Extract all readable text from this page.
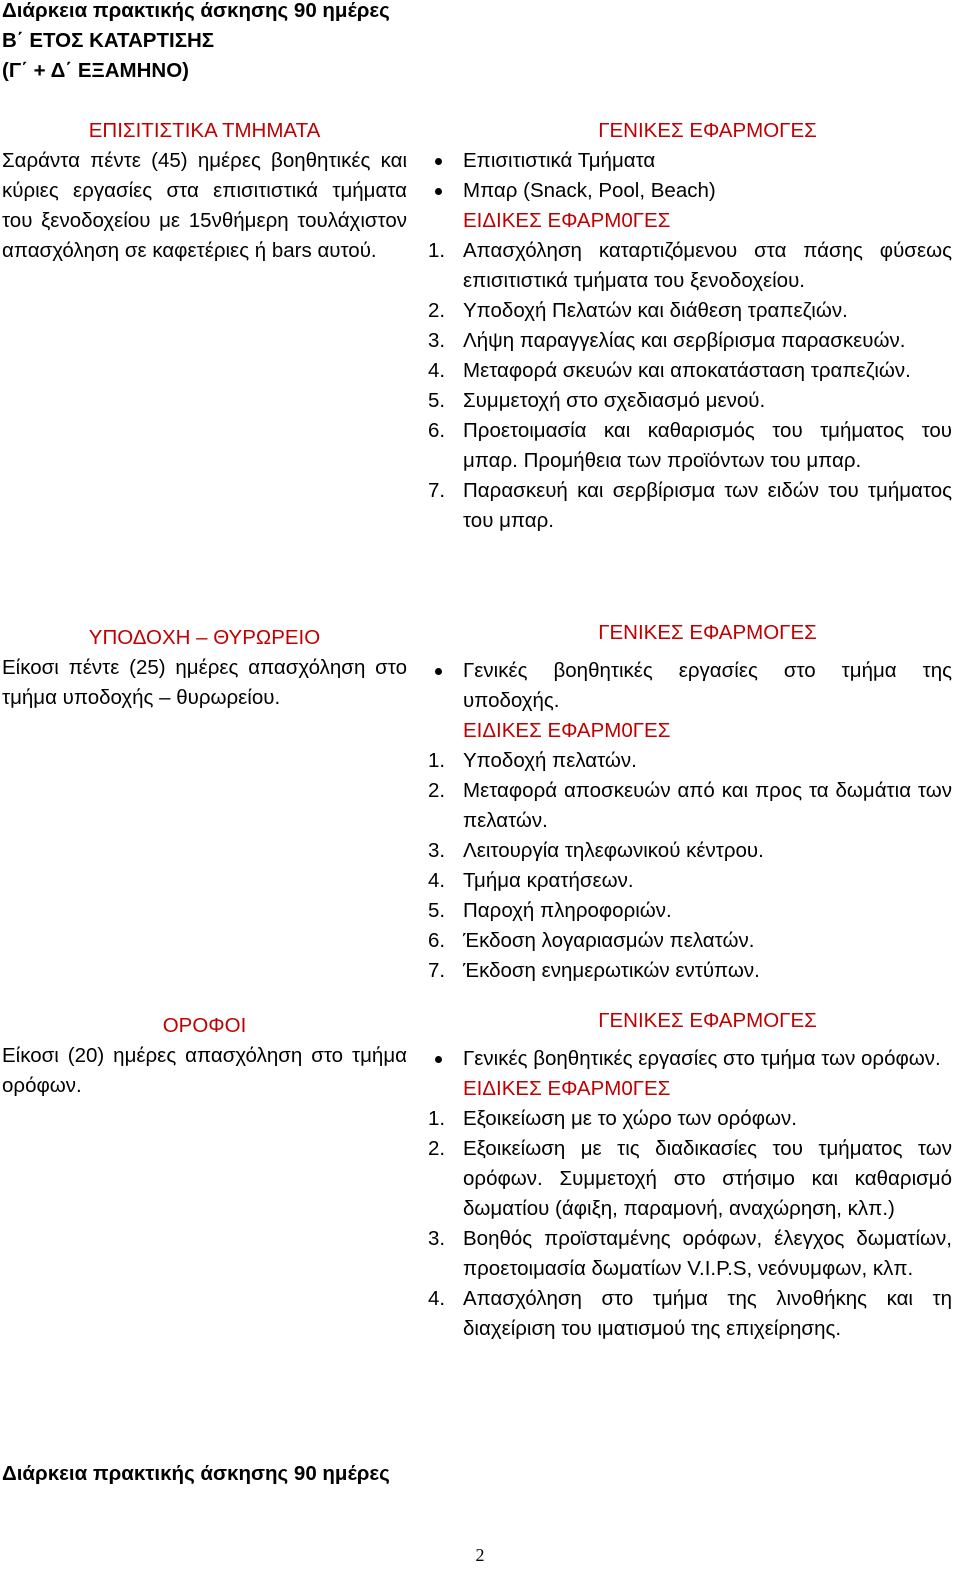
Διάρκεια πρακτικής άσκησης 90 ημέρες
Β΄ ΕΤΟΣ ΚΑΤΑΡΤΙΣΗΣ
(Γ΄ + Δ΄ ΕΞΑΜΗΝΟ)
ΕΠΙΣΙΤΙΣΤΙΚΑ ΤΜΗΜΑΤΑ
Σαράντα πέντε (45) ημέρες βοηθητικές και κύριες εργασίες στα επισιτιστικά τμήματα του ξενοδοχείου με 15νθήμερη τουλάχιστον απασχόληση σε καφετέριες ή bars αυτού.
ΓΕΝΙΚΕΣ ΕΦΑΡΜΟΓΕΣ
Επισιτιστικά Τμήματα
Μπαρ (Snack, Pool, Beach)
ΕΙΔΙΚΕΣ ΕΦΑΡΜ0ΓΕΣ
1. Απασχόληση καταρτιζόμενου στα πάσης φύσεως επισιτιστικά τμήματα του ξενοδοχείου.
2. Υποδοχή Πελατών και διάθεση τραπεζιών.
3. Λήψη παραγγελίας και σερβίρισμα παρασκευών.
4. Μεταφορά σκευών και αποκατάσταση τραπεζιών.
5. Συμμετοχή στο σχεδιασμό μενού.
6. Προετοιμασία και καθαρισμός του τμήματος του μπαρ. Προμήθεια των προϊόντων του μπαρ.
7. Παρασκευή και σερβίρισμα των ειδών του τμήματος του μπαρ.
ΥΠΟΔΟΧΗ – ΘΥΡΩΡΕΙΟ
Είκοσι πέντε (25) ημέρες απασχόληση στο τμήμα υποδοχής – θυρωρείου.
ΓΕΝΙΚΕΣ ΕΦΑΡΜΟΓΕΣ
Γενικές βοηθητικές εργασίες στο τμήμα της υποδοχής.
ΕΙΔΙΚΕΣ ΕΦΑΡΜ0ΓΕΣ
1. Υποδοχή πελατών.
2. Μεταφορά αποσκευών από και προς τα δωμάτια των πελατών.
3. Λειτουργία τηλεφωνικού κέντρου.
4. Τμήμα κρατήσεων.
5. Παροχή πληροφοριών.
6. Έκδοση λογαριασμών πελατών.
7. Έκδοση ενημερωτικών εντύπων.
ΟΡΟΦΟΙ
Είκοσι (20) ημέρες απασχόληση στο τμήμα ορόφων.
ΓΕΝΙΚΕΣ ΕΦΑΡΜΟΓΕΣ
Γενικές βοηθητικές εργασίες στο τμήμα των ορόφων.
ΕΙΔΙΚΕΣ ΕΦΑΡΜ0ΓΕΣ
1. Εξοικείωση με το χώρο των ορόφων.
2. Εξοικείωση με τις διαδικασίες του τμήματος των ορόφων. Συμμετοχή στο στήσιμο και καθαρισμό δωματίου (άφιξη, παραμονή, αναχώρηση, κλπ.)
3. Βοηθός προϊσταμένης ορόφων, έλεγχος δωματίων, προετοιμασία δωματίων V.I.P.S, νεόνυμφων, κλπ.
4. Απασχόληση στο τμήμα της λινοθήκης και τη διαχείριση του ιματισμού της επιχείρησης.
Διάρκεια πρακτικής άσκησης 90 ημέρες
2
